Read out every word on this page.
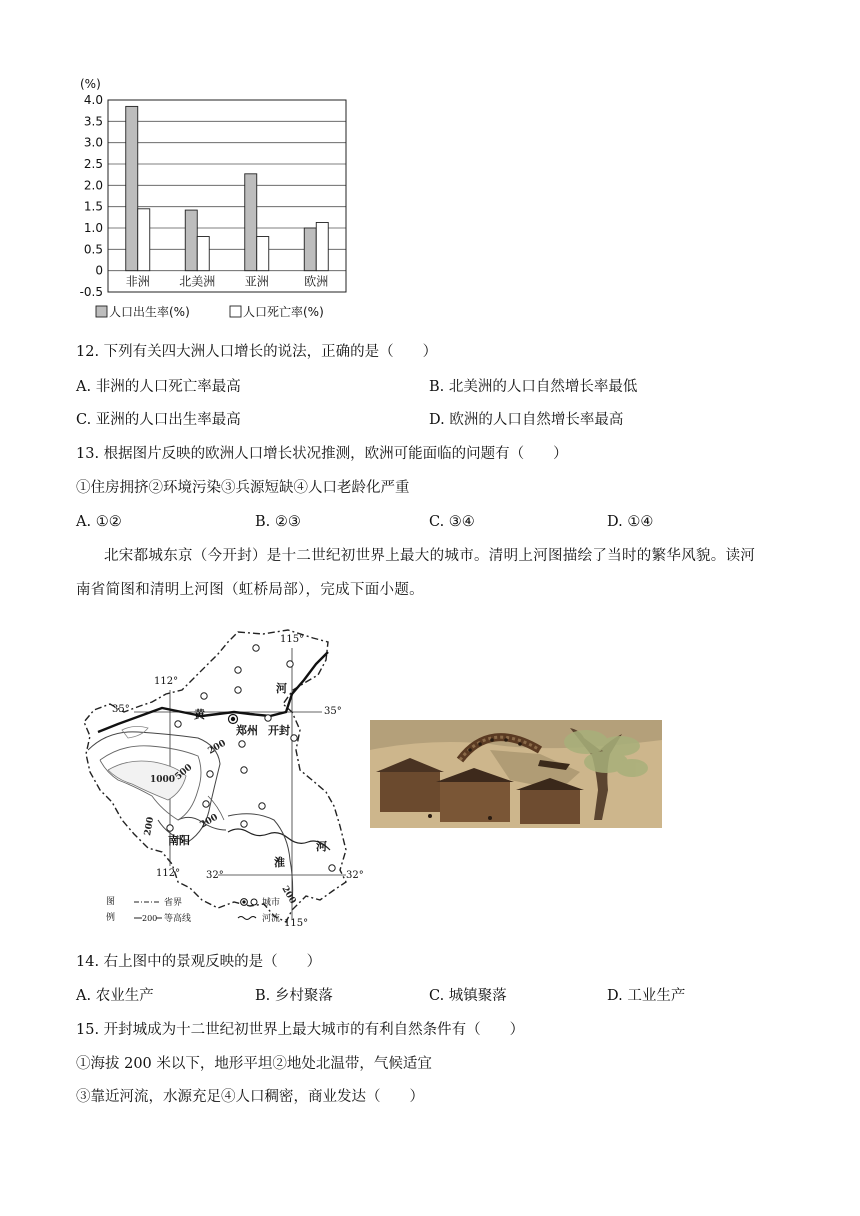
(%)
4.0
3.5
3.0
2.5
2.0
1.5
1.0
0.5
0
-0.5
非洲 北美洲 亚洲	欧洲
人口出生率(%)	人口死亡率(%)
12. 下列有关四大洲人口增长的说法，正确的是（　　）
A. 非洲的人口死亡率最高	B. 北美洲的人口自然增长率最低
C. 亚洲的人口出生率最高	D. 欧洲的人口自然增长率最高
13. 根据图片反映的欧洲人口增长状况推测，欧洲可能面临的问题有（　　）
①住房拥挤②环境污染③兵源短缺④人口老龄化严重
A. ①②	B. ②③	C. ③④	D. ①④
北宋都城东京（今开封）是十二世纪初世界上最大的城市。清明上河图描绘了当时的繁华风貌。读河
南省简图和清明上河图（虹桥局部），完成下面小题。
115°
112°
112°
115°
35°	35°
32°	32°
郑州 开封
南阳
黄
河
淮
河
200
500
1000
200
200
200
图
例
省界
200 等高线
城市
河流
14. 右上图中的景观反映的是（　　）
A. 农业生产	B. 乡村聚落	C. 城镇聚落	D. 工业生产
15. 开封城成为十二世纪初世界上最大城市的有利自然条件有（　　）
①海拔 200 米以下，地形平坦②地处北温带，气候适宜
③靠近河流，水源充足④人口稠密，商业发达（　　）
